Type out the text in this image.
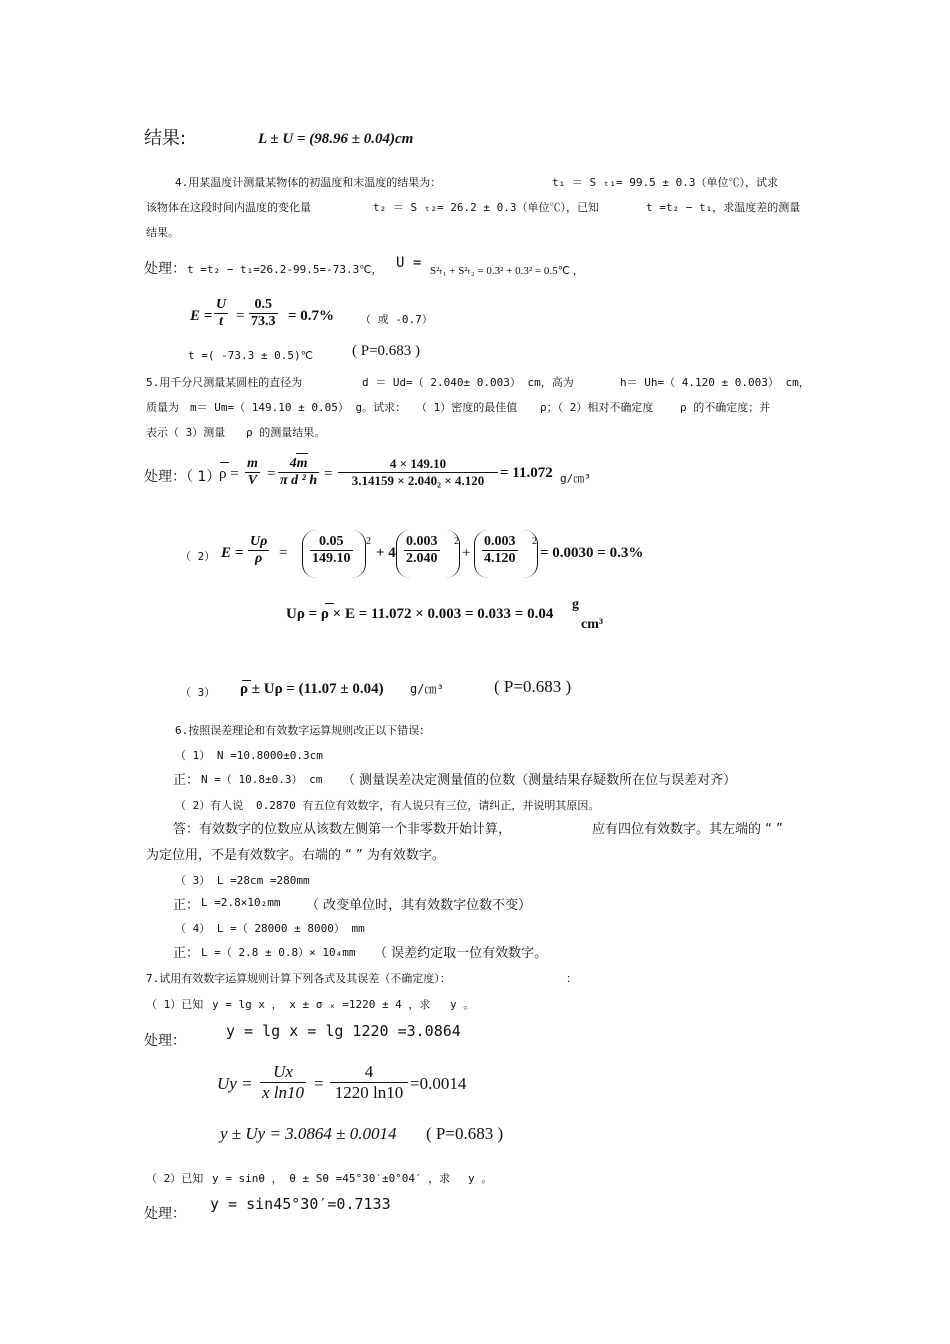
结果:	L ± U = (98.96 ± 0.04)cm
4.用某温度计测量某物体的初温度和末温度的结果为：	t₁ ＝ S ₜ₁= 99.5 ± 0.3（单位℃），试求
该物体在这段时间内温度的变化量	t₂ ＝ S ₜ₂= 26.2 ± 0.3（单位℃），已知	t =t₂ − t₁，求温度差的测量
结果。
处理： t =t₂ − t₁=26.2-99.5=-73.3℃， U = S²ₜ₁ + S²ₜ₂ = 0.3² + 0.3² = 0.5℃ ，
$E = \frac{U}{t} = \frac{0.5}{73.3} = 0.7\%$ （ 或 -0.7）
t =( -73.3 ± 0.5)℃	( P=0.683 )
5.用千分尺测量某圆柱的直径为	d ＝ Ud=（ 2.040± 0.003） cm，高为	h＝ Uh=（ 4.120 ± 0.003） cm，
质量为 m＝ Um=（ 149.10 ± 0.05） g。试求： （ 1）密度的最佳值 ρ；（ 2）相对不确定度 ρ 的不确定度；并
表示（ 3）测量 ρ 的测量结果。
处理：（ 1）
$\rho = \frac{m}{V} = \frac{4m}{\text{π d ² h}} = \frac{4 \times 149.10}{\text{3.14159 × 2.040₂ × 4.120}} = 11.072$ g/㎝³
（ 2） $E = \frac{U\rho}{\rho} = \frac{0.05}{149.10} 2$
+ $4 \frac{0.003}{2.040} 2$
+ $\frac{0.003}{4.120} 2$
= 0.0030 = 0.3%
Uρ = ρ × E = 11.072 × 0.003 = 0.033 = 0.04
g
cm³
（ 3） ρ ± Uρ = (11.07 ± 0.04) g/㎝³	( P=0.683 )
6.按照误差理论和有效数字运算规则改正以下错误：
（ 1） N =10.8000±0.3cm
正： N =（ 10.8±0.3） cm （ 测量误差决定测量值的位数（测量结果存疑数所在位与误差对齐）
（ 2）有人说 0.2870 有五位有效数字，有人说只有三位，请纠正，并说明其原因。
答：有效数字的位数应从该数左侧第一个非零数开始计算，	应有四位有效数字。其左端的 “ ”
为定位用，不是有效数字。右端的 “ ” 为有效数字。
（ 3） L =28cm =280mm
正： L =2.8×10₂mm （ 改变单位时，其有效数字位数不变）
（ 4） L =（ 28000 ± 8000） mm
正： L =（ 2.8 ± 0.8）× 10₄mm （ 误差约定取一位有效数字。
7.试用有效数字运算规则计算下列各式及其误差（不确定度）：	：
（ 1）已知 y = lg x ， x ± σ ₓ =1220 ± 4 ，求 y 。
处理：
y = lg x = lg 1220 =3.0864
$Uy = \frac{Ux}{\text{x ln10}} = \frac{4}{1220 \ln 10} =0.0014$
y ± Uy = 3.0864 ± 0.0014 ( P=0.683 )
（ 2）已知 y = sinθ ， θ ± Sθ =45°30′±0°04′ ，求 y 。
处理：
y = sin45°30′=0.7133
